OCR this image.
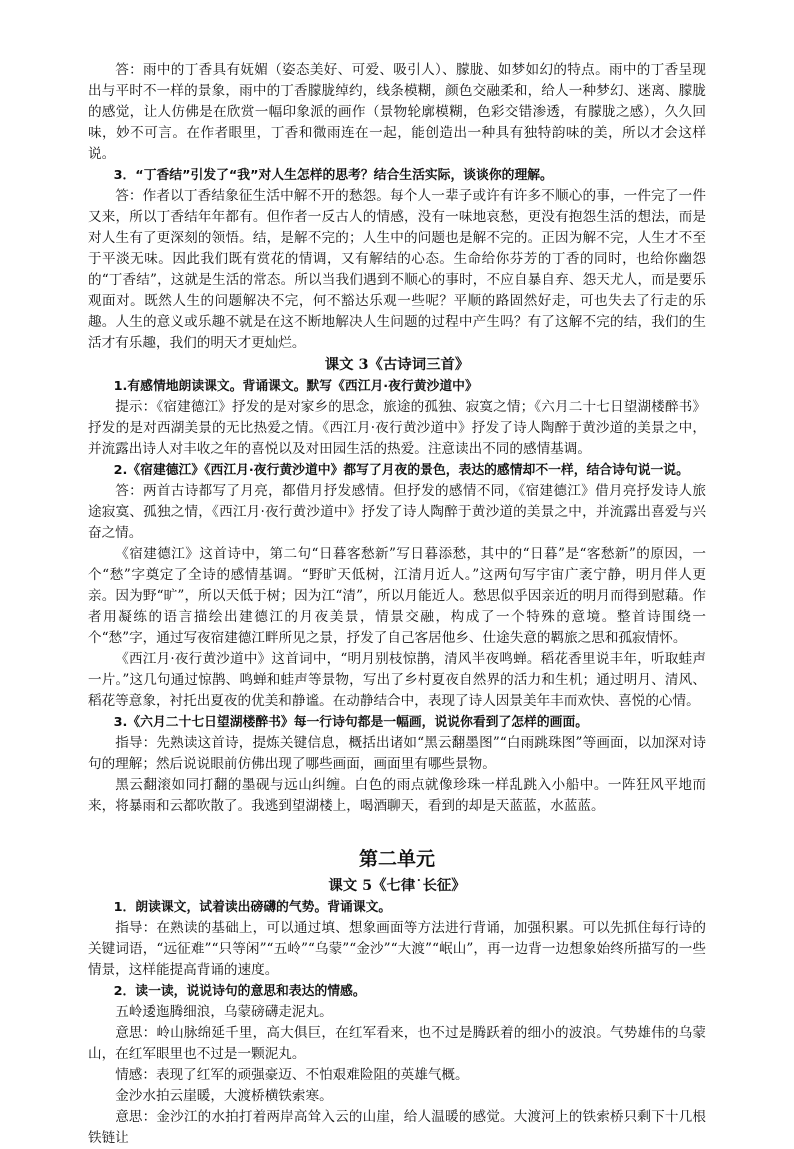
答：雨中的丁香具有妩媚（姿态美好、可爱、吸引人）、朦胧、如梦如幻的特点。雨中的丁香呈现出与平时不一样的景象，雨中的丁香朦胧绰约，线条模糊，颜色交融柔和，给人一种梦幻、迷离、朦胧的感觉，让人仿佛是在欣赏一幅印象派的画作（景物轮廓模糊，色彩交错渗透，有朦胧之感），久久回味，妙不可言。在作者眼里，丁香和微雨连在一起，能创造出一种具有独特韵味的美，所以才会这样说。

3．“丁香结”引发了“我”对人生怎样的思考？结合生活实际，谈谈你的理解。

答：作者以丁香结象征生活中解不开的愁怨。每个人一辈子或许有许多不顺心的事，一件完了一件又来，所以丁香结年年都有。但作者一反古人的情感，没有一味地哀愁，更没有抱怨生活的想法，而是对人生有了更深刻的领悟。结，是解不完的；人生中的问题也是解不完的。正因为解不完，人生才不至于平淡无味。因此我们既有赏花的情调，又有解结的心态。生命给你芬芳的丁香的同时，也给你幽怨的“丁香结”，这就是生活的常态。所以当我们遇到不顺心的事时，不应自暴自弃、怨天尤人，而是要乐观面对。既然人生的问题解决不完，何不豁达乐观一些呢？平顺的路固然好走，可也失去了行走的乐趣。人生的意义或乐趣不就是在这不断地解决人生问题的过程中产生吗？有了这解不完的结，我们的生活才有乐趣，我们的明天才更灿烂。

课文 3《古诗词三首》

1.有感情地朗读课文。背诵课文。默写《西江月·夜行黄沙道中》

提示：《宿建德江》抒发的是对家乡的思念，旅途的孤独、寂寞之情；《六月二十七日望湖楼醉书》抒发的是对西湖美景的无比热爱之情。《西江月·夜行黄沙道中》抒发了诗人陶醉于黄沙道的美景之中，并流露出诗人对丰收之年的喜悦以及对田园生活的热爱。注意读出不同的感情基调。

2.《宿建德江》《西江月·夜行黄沙道中》都写了月夜的景色，表达的感情却不一样，结合诗句说一说。

答：两首古诗都写了月亮，都借月抒发感情。但抒发的感情不同，《宿建德江》借月亮抒发诗人旅途寂寞、孤独之情，《西江月·夜行黄沙道中》抒发了诗人陶醉于黄沙道的美景之中，并流露出喜爱与兴奋之情。

《宿建德江》这首诗中，第二句“日暮客愁新”写日暮添愁，其中的“日暮”是“客愁新”的原因，一个“愁”字奠定了全诗的感情基调。“野旷天低树，江清月近人。”这两句写宇宙广袤宁静，明月伴人更亲。因为野“旷”，所以天低于树；因为江“清”，所以月能近人。愁思似乎因亲近的明月而得到慰藉。作者用凝练的语言描绘出建德江的月夜美景，情景交融，构成了一个特殊的意境。整首诗围绕一个“愁”字，通过写夜宿建德江畔所见之景，抒发了自己客居他乡、仕途失意的羁旅之思和孤寂情怀。

《西江月·夜行黄沙道中》这首词中，“明月别枝惊鹊，清风半夜鸣蝉。稻花香里说丰年，听取蛙声一片。”这几句通过惊鹊、鸣蝉和蛙声等景物，写出了乡村夏夜自然界的活力和生机；通过明月、清风、稻花等意象，衬托出夏夜的优美和静谧。在动静结合中，表现了诗人因景美年丰而欢快、喜悦的心情。

3.《六月二十七日望湖楼醉书》每一行诗句都是一幅画，说说你看到了怎样的画面。

指导：先熟读这首诗，提炼关键信息，概括出诸如“黑云翻墨图”“白雨跳珠图”等画面，以加深对诗句的理解；然后说说眼前仿佛出现了哪些画面，画面里有哪些景物。

黑云翻滚如同打翻的墨砚与远山纠缠。白色的雨点就像珍珠一样乱跳入小船中。一阵狂风平地而来，将暴雨和云都吹散了。我逃到望湖楼上，喝酒聊天，看到的却是天蓝蓝，水蓝蓝。

第二单元

课文 5《七律˙长征》

1．朗读课文，试着读出磅礴的气势。背诵课文。

指导：在熟读的基础上，可以通过填、想象画面等方法进行背诵，加强积累。可以先抓住每行诗的关键词语，“远征难”“只等闲”“五岭”“乌蒙”“金沙”“大渡”“岷山”，再一边背一边想象始终所描写的一些情景，这样能提高背诵的速度。

2．读一读，说说诗句的意思和表达的情感。

五岭逶迤腾细浪，乌蒙磅礴走泥丸。

意思：岭山脉绵延千里，高大俱巨，在红军看来，也不过是腾跃着的细小的波浪。气势雄伟的乌蒙山，在红军眼里也不过是一颗泥丸。

情感：表现了红军的顽强豪迈、不怕艰难险阻的英雄气概。

金沙水拍云崖暖，大渡桥横铁索寒。

意思：金沙江的水拍打着两岸高耸入云的山崖，给人温暖的感觉。大渡河上的铁索桥只剩下十几根铁链让
